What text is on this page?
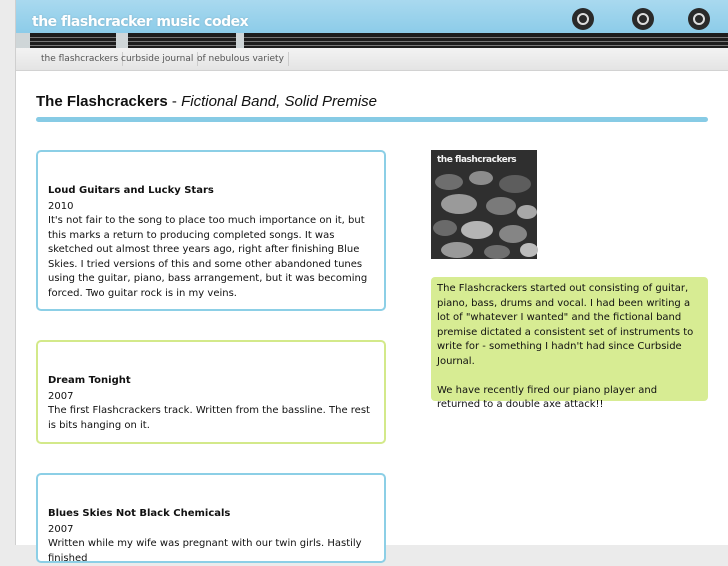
the flashcracker music codex
the flashcrackers curbside journal of nebulous variety
The Flashcrackers - Fictional Band, Solid Premise
Loud Guitars and Lucky Stars
2010

It's not fair to the song to place too much importance on it, but this marks a return to producing completed songs. It was sketched out almost three years ago, right after finishing Blue Skies. I tried versions of this and some other abandoned tunes using the guitar, piano, bass arrangement, but it was becoming forced. Two guitar rock is in my veins.

Dream Tonight
2007

The first Flashcrackers track. Written from the bassline. The rest is bits hanging on it.

Blues Skies Not Black Chemicals
2007

Written while my wife was pregnant with our twin girls. Hastily finished

the flashcrackers

The Flashcrackers started out consisting of guitar, piano, bass, drums and vocal. I had been writing a lot of "whatever I wanted" and the fictional band premise dictated a consistent set of instruments to write for - something I hadn't had since Curbside Journal.

We have recently fired our piano player and returned to a double axe attack!!
